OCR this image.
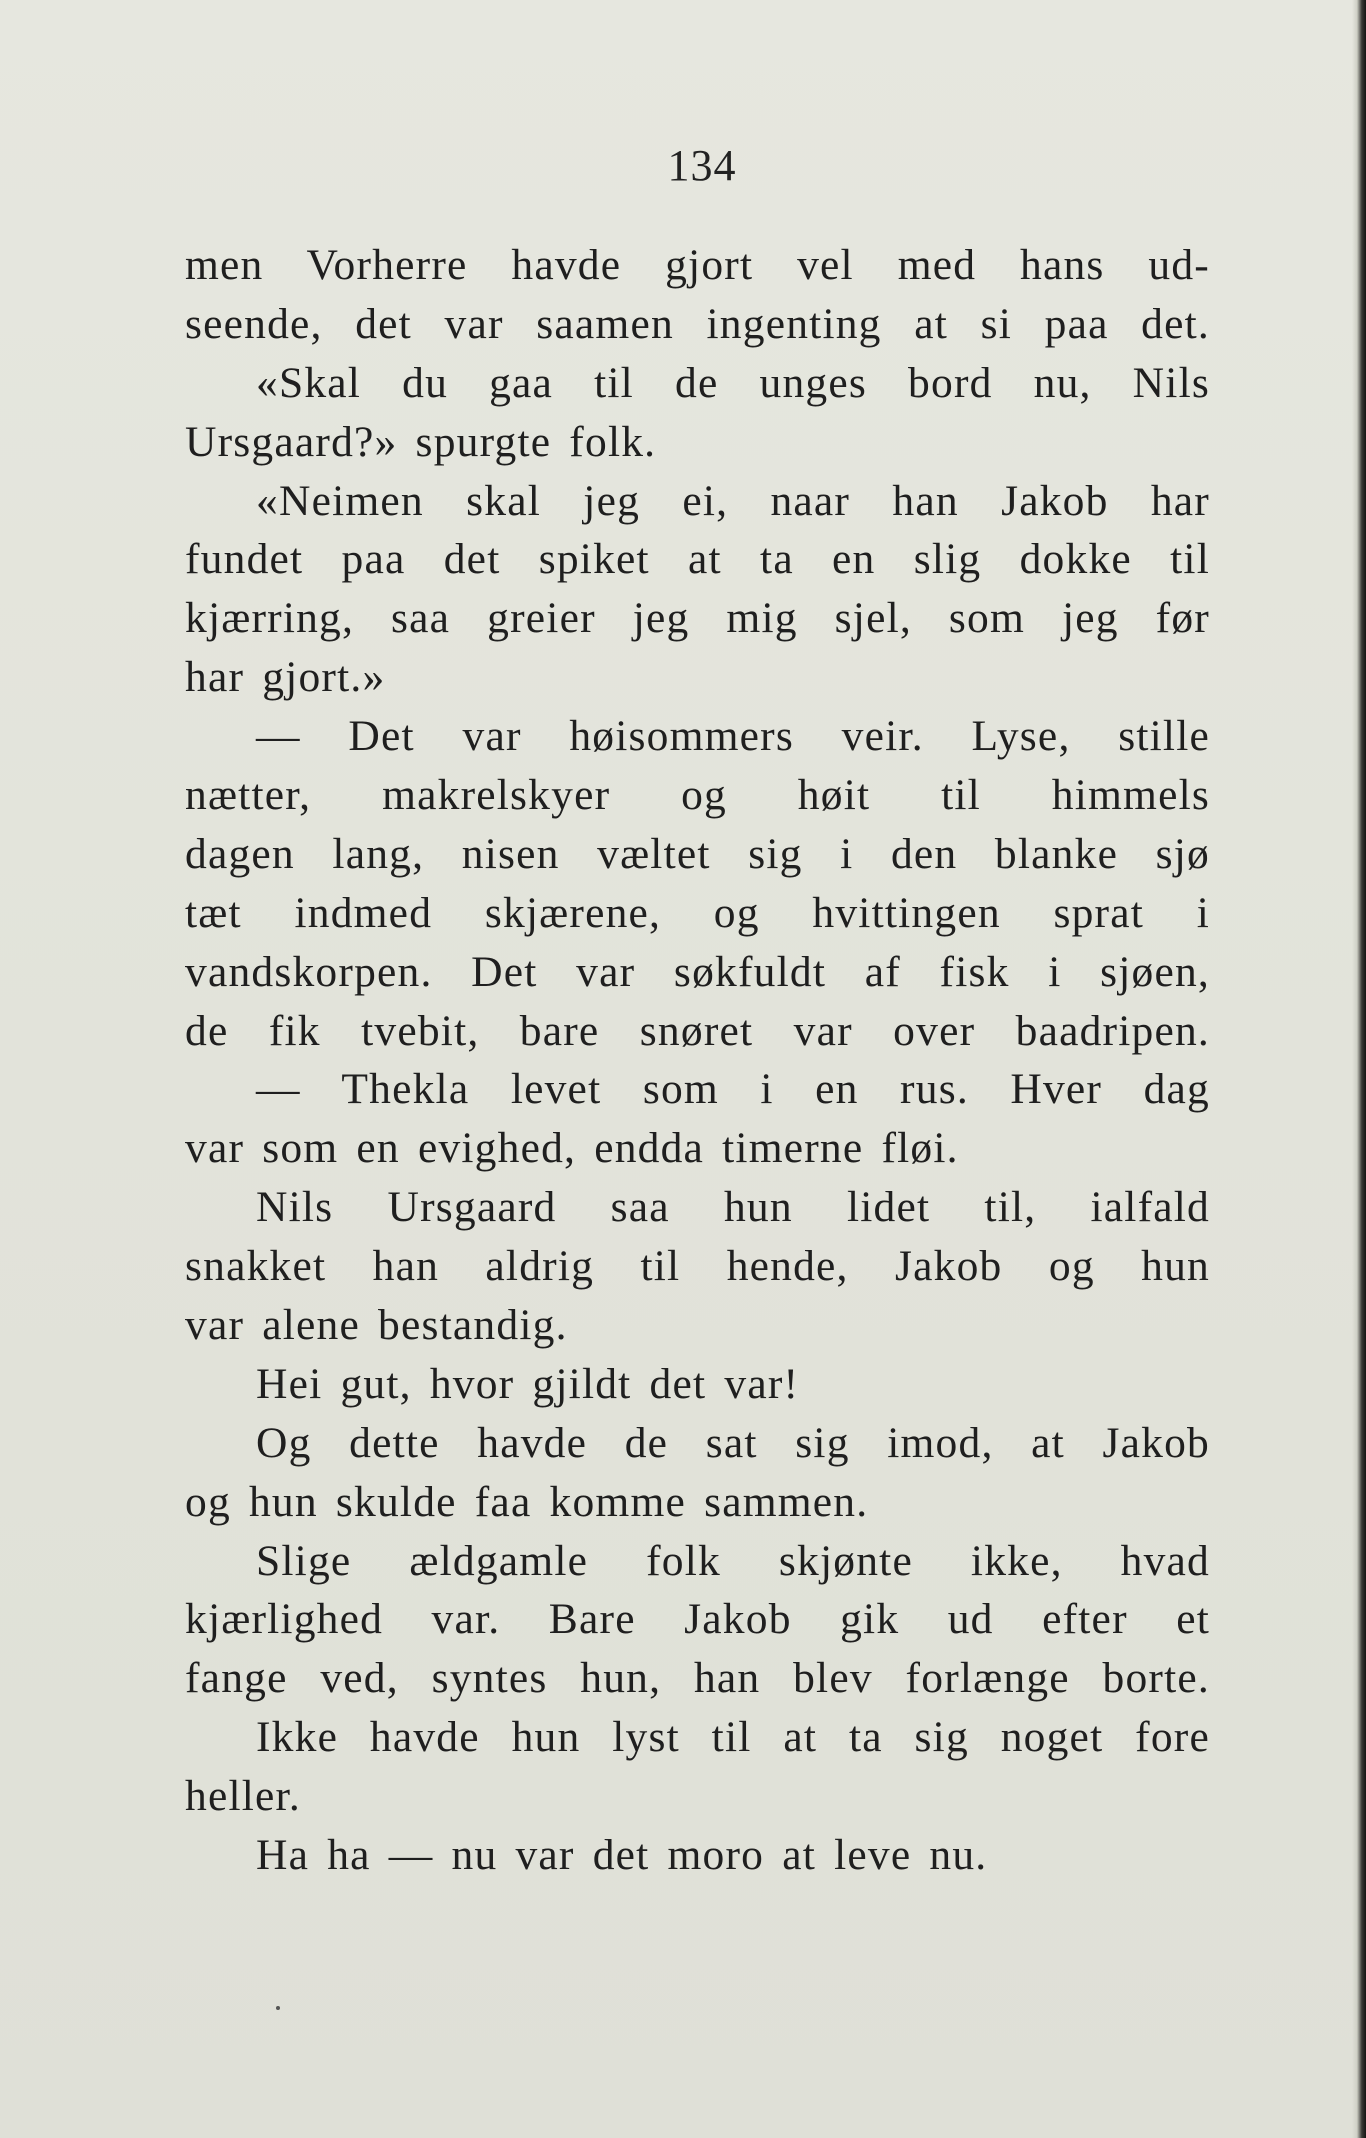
134
men Vorherre havde gjort vel med hans ud-
seende, det var saamen ingenting at si paa det.
«Skal du gaa til de unges bord nu, Nils
Ursgaard?» spurgte folk.
«Neimen skal jeg ei, naar han Jakob har
fundet paa det spiket at ta en slig dokke til
kjærring, saa greier jeg mig sjel, som jeg før
har gjort.»
— Det var høisommers veir. Lyse, stille
nætter, makrelskyer og høit til himmels
dagen lang, nisen væltet sig i den blanke sjø
tæt indmed skjærene, og hvittingen sprat i
vandskorpen. Det var søkfuldt af fisk i sjøen,
de fik tvebit, bare snøret var over baadripen.
— Thekla levet som i en rus. Hver dag
var som en evighed, endda timerne fløi.
Nils Ursgaard saa hun lidet til, ialfald
snakket han aldrig til hende, Jakob og hun
var alene bestandig.
Hei gut, hvor gjildt det var!
Og dette havde de sat sig imod, at Jakob
og hun skulde faa komme sammen.
Slige ældgamle folk skjønte ikke, hvad
kjærlighed var. Bare Jakob gik ud efter et
fange ved, syntes hun, han blev forlænge borte.
Ikke havde hun lyst til at ta sig noget fore
heller.
Ha ha — nu var det moro at leve nu.
